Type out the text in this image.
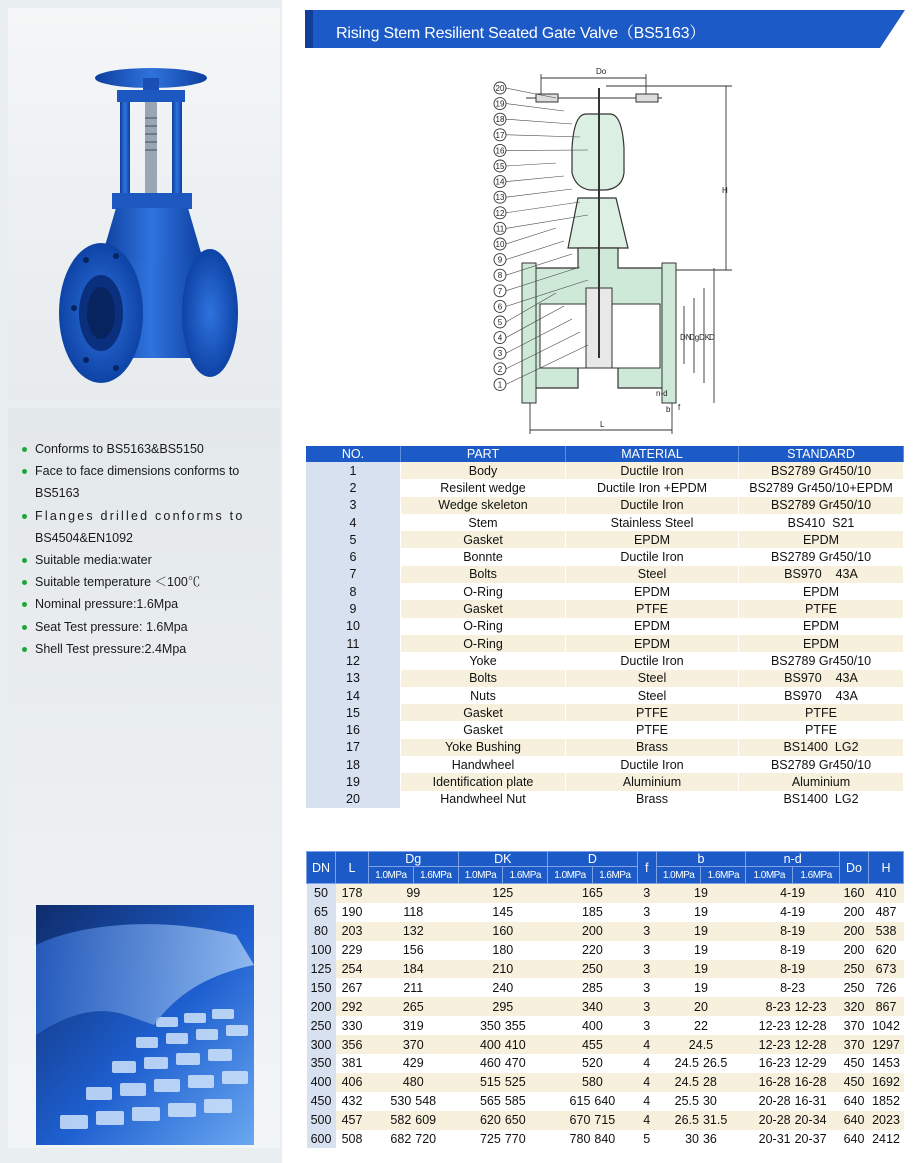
Conforms to BS5163&BS5150
Face to face dimensions conforms to
BS5163
Flanges drilled conforms to
BS4504&EN1092
Suitable media:water
Suitable temperature ＜100℃
Nominal pressure:1.6Mpa
Seat Test pressure: 1.6Mpa
Shell Test pressure:2.4Mpa
Rising Stem Resilient Seated Gate Valve（BS5163）
Do
H
DN
Dg DK
D
n-d
b f
L
20
19
18
17
16
15
14
13
12
11
10
9
8
7
6
5
4
3
2
1
NO.	PART	MATERIAL	STANDARD
1	Body	Ductile Iron	BS2789 Gr450/10
2	Resilent wedge	Ductile Iron +EPDM	BS2789 Gr450/10+EPDM
3	Wedge skeleton	Ductile Iron	BS2789 Gr450/10
4	Stem	Stainless Steel	BS410  S21
5	Gasket	EPDM	EPDM
6	Bonnte	Ductile Iron	BS2789 Gr450/10
7	Bolts	Steel	BS970    43A
8	O-Ring	EPDM	EPDM
9	Gasket	PTFE	PTFE
10	O-Ring	EPDM	EPDM
11	O-Ring	EPDM	EPDM
12	Yoke	Ductile Iron	BS2789 Gr450/10
13	Bolts	Steel	BS970    43A
14	Nuts	Steel	BS970    43A
15	Gasket	PTFE	PTFE
16	Gasket	PTFE	PTFE
17	Yoke Bushing	Brass	BS1400  LG2
18	Handwheel	Ductile Iron	BS2789 Gr450/10
19	Identification plate	Aluminium	Aluminium
20	Handwheel Nut	Brass	BS1400  LG2
DN	L	Dg		DK		D		f	b		n-d		Do	H
		1.0MPa	1.6MPa	1.0MPa	1.6MPa	1.0MPa	1.6MPa		1.0MPa	1.6MPa	1.0MPa	1.6MPa		
50	178	99		125		165		3	19		4-19		160	410
65	190	118		145		185		3	19		4-19		200	487
80	203	132		160		200		3	19		8-19		200	538
100	229	156		180		220		3	19		8-19		200	620
125	254	184		210		250		3	19		8-19		250	673
150	267	211		240		285		3	19		8-23		250	726
200	292	265		295		340		3	20		8-23	12-23	320	867
250	330	319		350	355	400		3	22		12-23	12-28	370	1042
300	356	370		400	410	455		4	24.5		12-23	12-28	370	1297
350	381	429		460	470	520		4	24.5	26.5	16-23	12-29	450	1453
400	406	480		515	525	580		4	24.5	28	16-28	16-28	450	1692
450	432	530	548	565	585	615	640	4	25.5	30	20-28	16-31	640	1852
500	457	582	609	620	650	670	715	4	26.5	31.5	20-28	20-34	640	2023
600	508	682	720	725	770	780	840	5	30	36	20-31	20-37	640	2412
